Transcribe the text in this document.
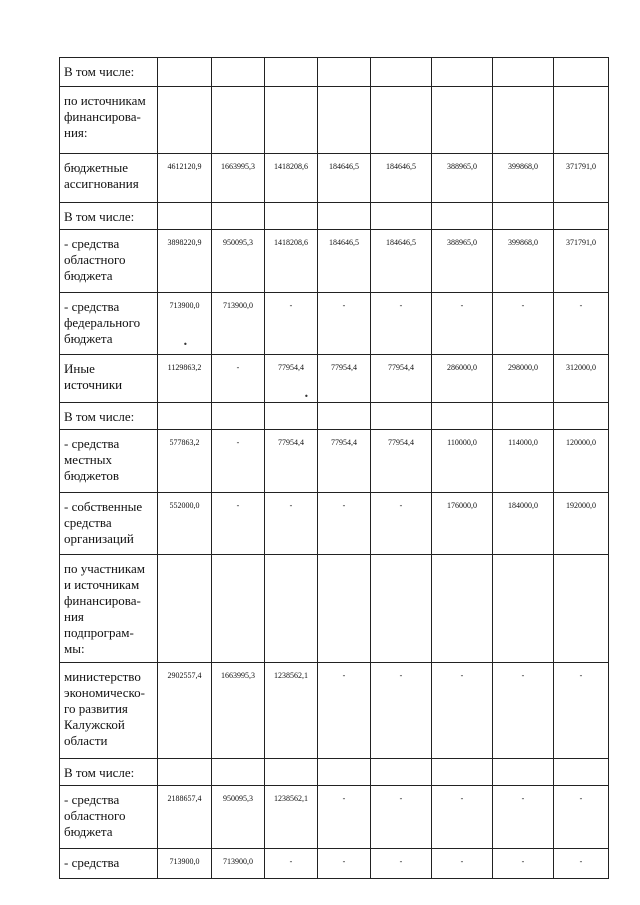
В том числе:								
по источникам финансирова-ния:								
бюджетные ассигнования	4612120,9	1663995,3	1418208,6	184646,5	184646,5	388965,0	399868,0	371791,0
В том числе:								
- средства областного бюджета	3898220,9	950095,3	1418208,6	184646,5	184646,5	388965,0	399868,0	371791,0
- средства федерального бюджета	713900,0	713900,0	-	-	-	-	-	-
Иные источники	1129863,2	-	77954,4	77954,4	77954,4	286000,0	298000,0	312000,0
В том числе:								
- средства местных бюджетов	577863,2	-	77954,4	77954,4	77954,4	110000,0	114000,0	120000,0
- собственные средства организаций	552000,0	-	-	-	-	176000,0	184000,0	192000,0
по участникам и источникам финансирова-ния подпрограм-мы:								
министерство экономическо-го развития Калужской области	2902557,4	1663995,3	1238562,1	-	-	-	-	-
В том числе:								
- средства областного бюджета	2188657,4	950095,3	1238562,1	-	-	-	-	-
- средства	713900,0	713900,0	-	-	-	-	-	-
•
•
